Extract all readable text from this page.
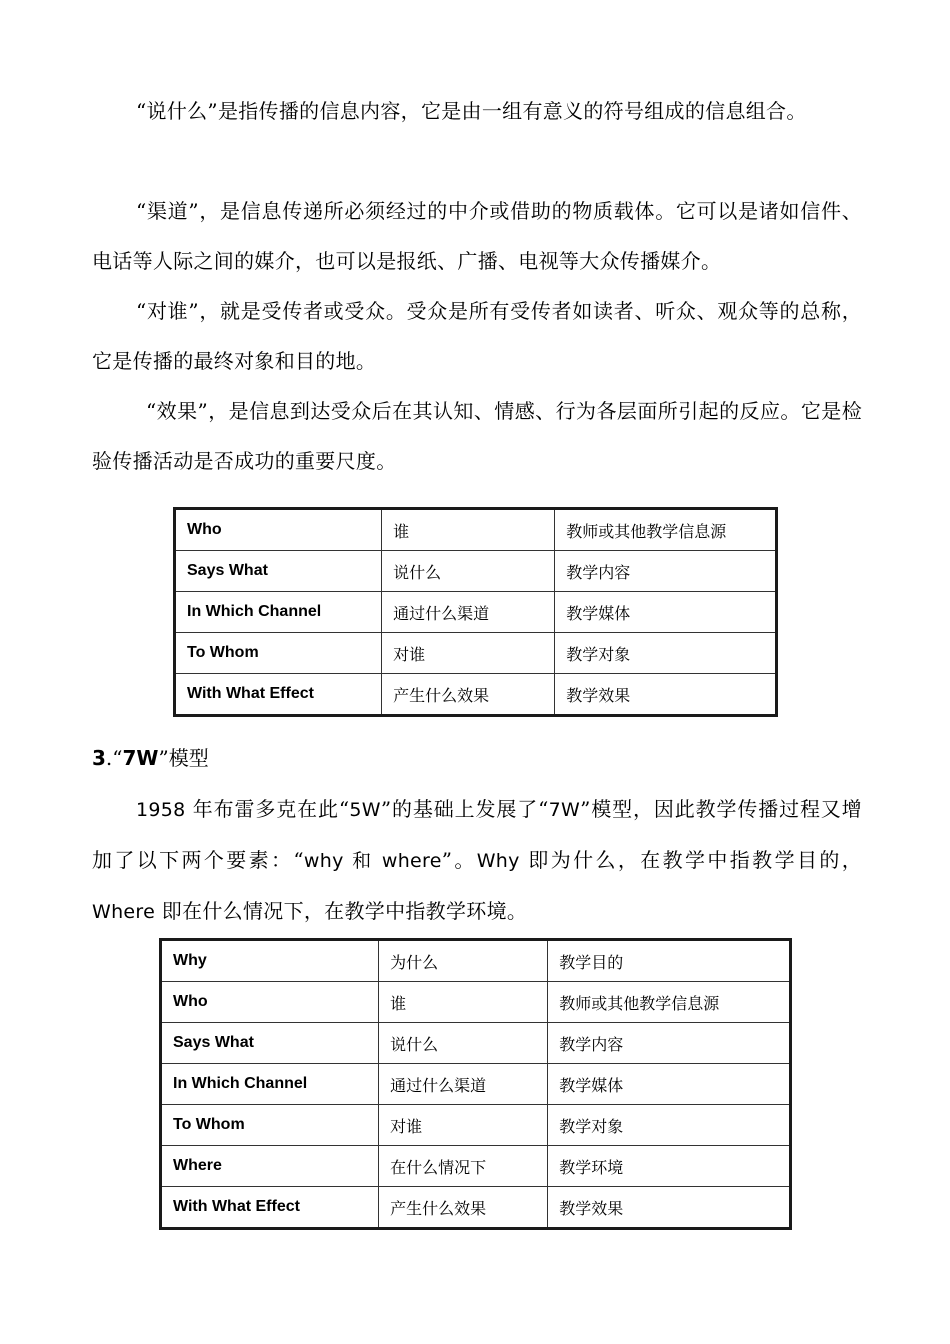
“说什么”是指传播的信息内容，它是由一组有意义的符号组成的信息组合。
“渠道”，是信息传递所必须经过的中介或借助的物质载体。它可以是诸如信件、电话等人际之间的媒介，也可以是报纸、广播、电视等大众传播媒介。
“对谁”，就是受传者或受众。受众是所有受传者如读者、听众、观众等的总称，它是传播的最终对象和目的地。
“效果”，是信息到达受众后在其认知、情感、行为各层面所引起的反应。它是检验传播活动是否成功的重要尺度。
Who	谁	教师或其他教学信息源
Says What	说什么	教学内容
In Which Channel	通过什么渠道	教学媒体
To Whom	对谁	教学对象
With What Effect	产生什么效果	教学效果
3.“7W”模型
1958 年布雷多克在此“5W”的基础上发展了“7W”模型，因此教学传播过程又增加了以下两个要素：“why 和 where”。Why 即为什么，在教学中指教学目的，Where 即在什么情况下，在教学中指教学环境。
Why	为什么	教学目的
Who	谁	教师或其他教学信息源
Says What	说什么	教学内容
In Which Channel	通过什么渠道	教学媒体
To Whom	对谁	教学对象
Where	在什么情况下	教学环境
With What Effect	产生什么效果	教学效果
